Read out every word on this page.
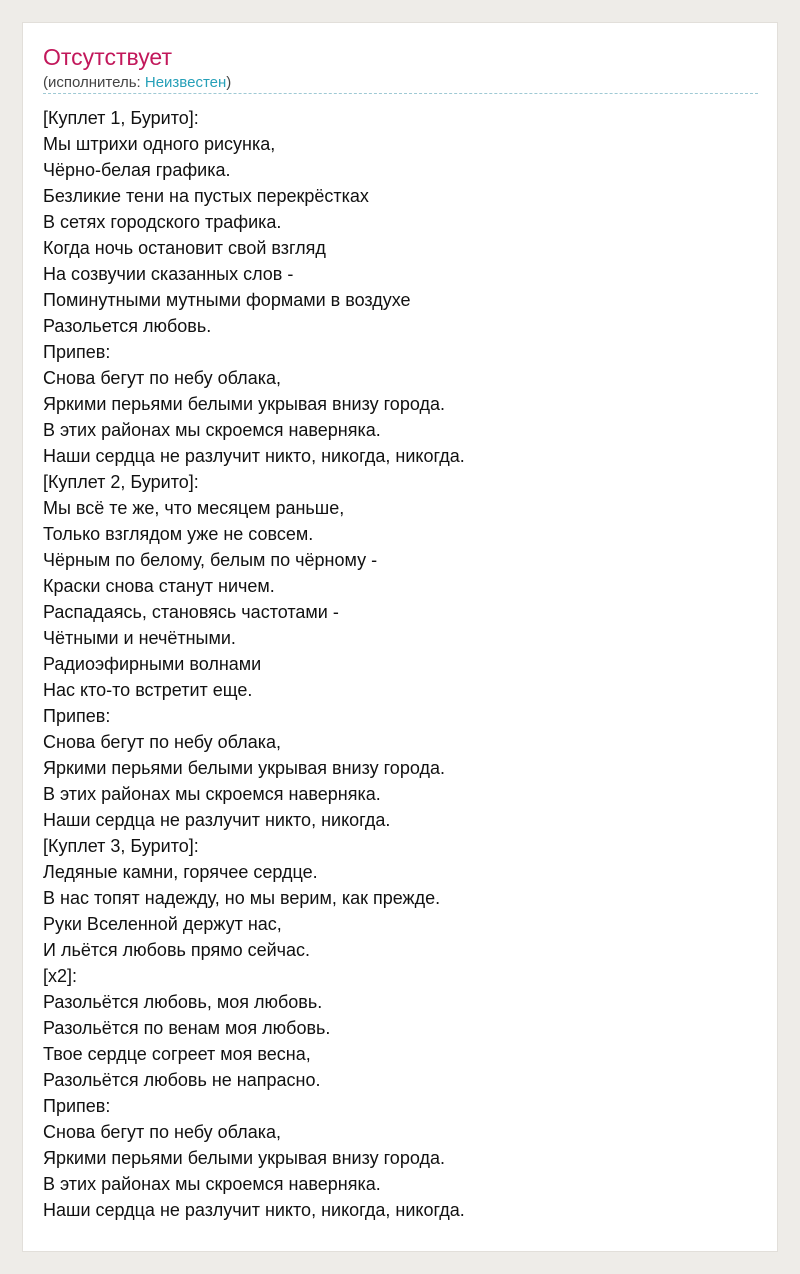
Отсутствует
(исполнитель: Неизвестен)
[Куплет 1, Бурито]:
Мы штрихи одного рисунка,
Чёрно-белая графика.
Безликие тени на пустых перекрёстках
В сетях городского трафика.
Когда ночь остановит свой взгляд
На созвучии сказанных слов -
Поминутными мутными формами в воздухе
Разольется любовь.
Припев:
Снова бегут по небу облака,
Яркими перьями белыми укрывая внизу города.
В этих районах мы скроемся наверняка.
Наши сердца не разлучит никто, никогда, никогда.
[Куплет 2, Бурито]:
Мы всё те же, что месяцем раньше,
Только взглядом уже не совсем.
Чёрным по белому, белым по чёрному -
Краски снова станут ничем.
Распадаясь, становясь частотами -
Чётными и нечётными.
Радиоэфирными волнами
Нас кто-то встретит еще.
Припев:
Снова бегут по небу облака,
Яркими перьями белыми укрывая внизу города.
В этих районах мы скроемся наверняка.
Наши сердца не разлучит никто, никогда.
[Куплет 3, Бурито]:
Ледяные камни, горячее сердце.
В нас топят надежду, но мы верим, как прежде.
Руки Вселенной держут нас,
И льётся любовь прямо сейчас.
[x2]:
Разольётся любовь, моя любовь.
Разольётся по венам моя любовь.
Твое сердце согреет моя весна,
Разольётся любовь не напрасно.
Припев:
Снова бегут по небу облака,
Яркими перьями белыми укрывая внизу города.
В этих районах мы скроемся наверняка.
Наши сердца не разлучит никто, никогда, никогда.
